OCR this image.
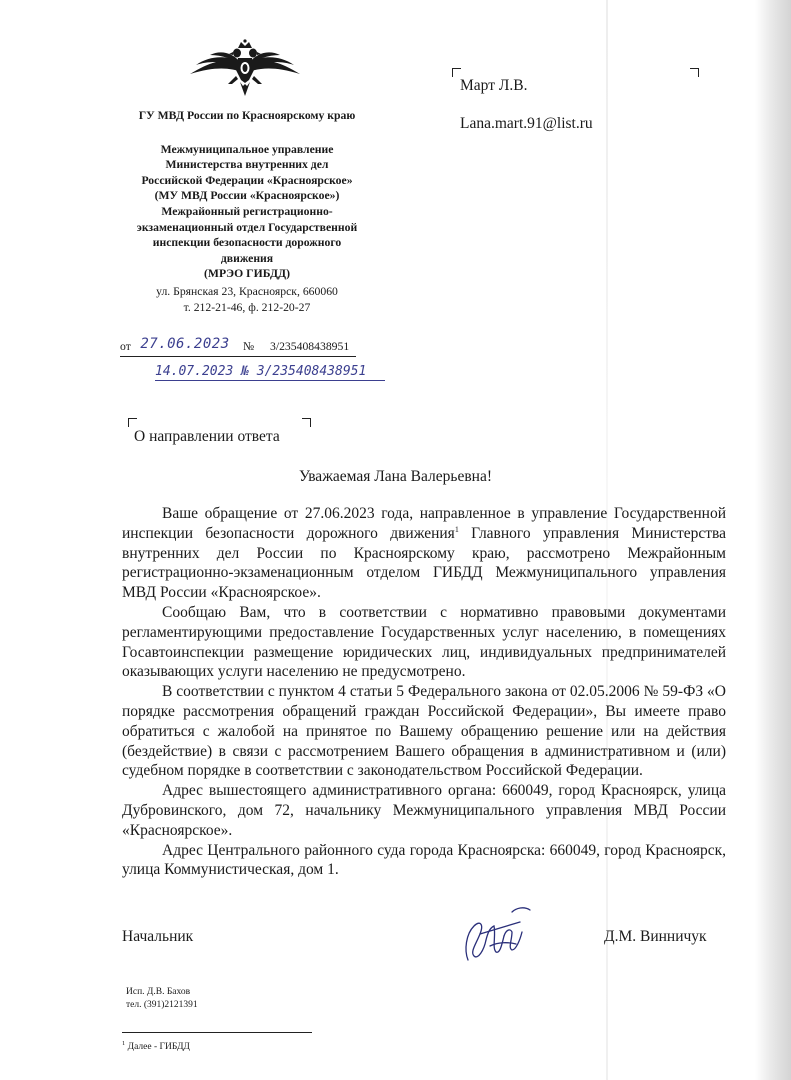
ГУ МВД России по Красноярскому краю
Межмуниципальное управление
Министерства внутренних дел
Российской Федерации «Красноярское»
(МУ МВД России «Красноярское»)
Межрайонный регистрационно-
экзаменационный отдел Государственной
инспекции безопасности дорожного
движения
(МРЭО ГИБДД)
ул. Брянская 23, Красноярск, 660060
т. 212-21-46, ф. 212-20-27
от 27.06.2023 № 3/235408438951
14.07.2023 № 3/235408438951
Март Л.В.
Lana.mart.91@list.ru
О направлении ответа
Уважаемая Лана Валерьевна!

Ваше обращение от 27.06.2023 года, направленное в управление Государственной инспекции безопасности дорожного движения$^1$ Главного управления Министерства внутренних дел России по Красноярскому краю, рассмотрено Межрайонным регистрационно-экзаменационным отделом ГИБДД Межмуниципального управления МВД России «Красноярское».

Сообщаю Вам, что в соответствии с нормативно правовыми документами регламентирующими предоставление Государственных услуг населению, в помещениях Госавтоинспекции размещение юридических лиц, индивидуальных предпринимателей оказывающих услуги населению не предусмотрено.

В соответствии с пунктом 4 статьи 5 Федерального закона от 02.05.2006 № 59-ФЗ «О порядке рассмотрения обращений граждан Российской Федерации», Вы имеете право обратиться с жалобой на принятое по Вашему обращению решение или на действия (бездействие) в связи с рассмотрением Вашего обращения в административном и (или) судебном порядке в соответствии с законодательством Российской Федерации.

Адрес вышестоящего административного органа: 660049, город Красноярск, улица Дубровинского, дом 72, начальнику Межмуниципального управления МВД России «Красноярское».

Адрес Центрального районного суда города Красноярска: 660049, город Красноярск, улица Коммунистическая, дом 1.

Начальник	Д.М. Винничук
Исп. Д.В. Бахов
тел. (391)2121391
$^1$ Далее - ГИБДД
